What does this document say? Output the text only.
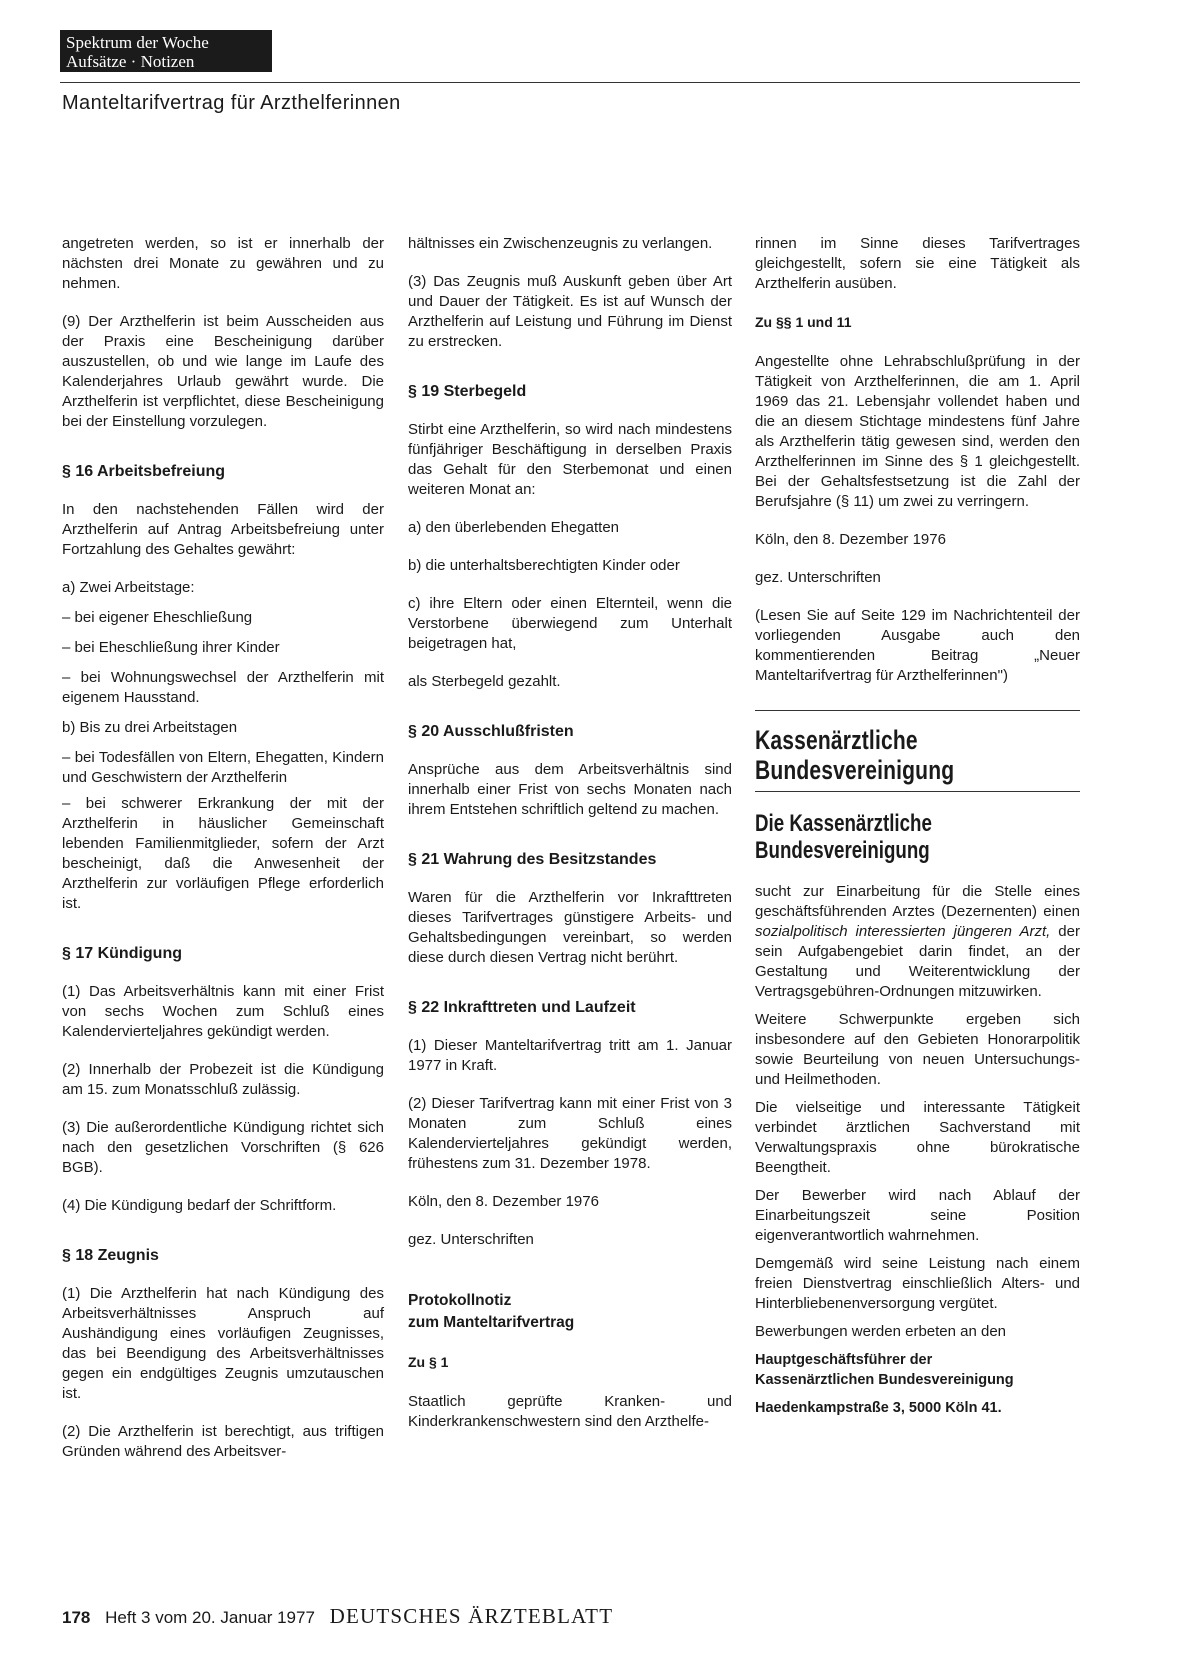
Spektrum der Woche
Aufsätze · Notizen
Manteltarifvertrag für Arzthelferinnen

angetreten werden, so ist er innerhalb der nächsten drei Monate zu gewähren und zu nehmen.

(9) Der Arzthelferin ist beim Ausscheiden aus der Praxis eine Bescheinigung darüber auszustellen, ob und wie lange im Laufe des Kalenderjahres Urlaub gewährt wurde. Die Arzthelferin ist verpflichtet, diese Bescheinigung bei der Einstellung vorzulegen.

§ 16 Arbeitsbefreiung

In den nachstehenden Fällen wird der Arzthelferin auf Antrag Arbeitsbefreiung unter Fortzahlung des Gehaltes gewährt:

a) Zwei Arbeitstage:

– bei eigener Eheschließung

– bei Eheschließung ihrer Kinder

– bei Wohnungswechsel der Arzthelferin mit eigenem Hausstand.

b) Bis zu drei Arbeitstagen

– bei Todesfällen von Eltern, Ehegatten, Kindern und Geschwistern der Arzthelferin

– bei schwerer Erkrankung der mit der Arzthelferin in häuslicher Gemeinschaft lebenden Familienmitglieder, sofern der Arzt bescheinigt, daß die Anwesenheit der Arzthelferin zur vorläufigen Pflege erforderlich ist.

§ 17 Kündigung

(1) Das Arbeitsverhältnis kann mit einer Frist von sechs Wochen zum Schluß eines Kalendervierteljahres gekündigt werden.

(2) Innerhalb der Probezeit ist die Kündigung am 15. zum Monatsschluß zulässig.

(3) Die außerordentliche Kündigung richtet sich nach den gesetzlichen Vorschriften (§ 626 BGB).

(4) Die Kündigung bedarf der Schriftform.

§ 18 Zeugnis

(1) Die Arzthelferin hat nach Kündigung des Arbeitsverhältnisses Anspruch auf Aushändigung eines vorläufigen Zeugnisses, das bei Beendigung des Arbeitsverhältnisses gegen ein endgültiges Zeugnis umzutauschen ist.

(2) Die Arzthelferin ist berechtigt, aus triftigen Gründen während des Arbeitsver-

hältnisses ein Zwischenzeugnis zu verlangen.

(3) Das Zeugnis muß Auskunft geben über Art und Dauer der Tätigkeit. Es ist auf Wunsch der Arzthelferin auf Leistung und Führung im Dienst zu erstrecken.

§ 19 Sterbegeld

Stirbt eine Arzthelferin, so wird nach mindestens fünfjähriger Beschäftigung in derselben Praxis das Gehalt für den Sterbemonat und einen weiteren Monat an:

a) den überlebenden Ehegatten

b) die unterhaltsberechtigten Kinder oder

c) ihre Eltern oder einen Elternteil, wenn die Verstorbene überwiegend zum Unterhalt beigetragen hat,

als Sterbegeld gezahlt.

§ 20 Ausschlußfristen

Ansprüche aus dem Arbeitsverhältnis sind innerhalb einer Frist von sechs Monaten nach ihrem Entstehen schriftlich geltend zu machen.

§ 21 Wahrung des Besitzstandes

Waren für die Arzthelferin vor Inkrafttreten dieses Tarifvertrages günstigere Arbeits- und Gehaltsbedingungen vereinbart, so werden diese durch diesen Vertrag nicht berührt.

§ 22 Inkrafttreten und Laufzeit

(1) Dieser Manteltarifvertrag tritt am 1. Januar 1977 in Kraft.

(2) Dieser Tarifvertrag kann mit einer Frist von 3 Monaten zum Schluß eines Kalendervierteljahres gekündigt werden, frühestens zum 31. Dezember 1978.

Köln, den 8. Dezember 1976

gez. Unterschriften

Protokollnotiz
zum Manteltarifvertrag
Zu § 1

Staatlich geprüfte Kranken- und Kinderkrankenschwestern sind den Arzthelfe-

rinnen im Sinne dieses Tarifvertrages gleichgestellt, sofern sie eine Tätigkeit als Arzthelferin ausüben.

Zu §§ 1 und 11

Angestellte ohne Lehrabschlußprüfung in der Tätigkeit von Arzthelferinnen, die am 1. April 1969 das 21. Lebensjahr vollendet haben und die an diesem Stichtage mindestens fünf Jahre als Arzthelferin tätig gewesen sind, werden den Arzthelferinnen im Sinne des § 1 gleichgestellt. Bei der Gehaltsfestsetzung ist die Zahl der Berufsjahre (§ 11) um zwei zu verringern.

Köln, den 8. Dezember 1976

gez. Unterschriften

(Lesen Sie auf Seite 129 im Nachrichtenteil der vorliegenden Ausgabe auch den kommentierenden Beitrag „Neuer Manteltarifvertrag für Arzthelferinnen")

Kassenärztliche
Bundesvereinigung
Die Kassenärztliche
Bundesvereinigung

sucht zur Einarbeitung für die Stelle eines geschäftsführenden Arztes (Dezernenten) einen sozialpolitisch interessierten jüngeren Arzt, der sein Aufgabengebiet darin findet, an der Gestaltung und Weiterentwicklung der Vertragsgebühren-Ordnungen mitzuwirken.

Weitere Schwerpunkte ergeben sich insbesondere auf den Gebieten Honorarpolitik sowie Beurteilung von neuen Untersuchungs- und Heilmethoden.

Die vielseitige und interessante Tätigkeit verbindet ärztlichen Sachverstand mit Verwaltungspraxis ohne bürokratische Beengtheit.

Der Bewerber wird nach Ablauf der Einarbeitungszeit seine Position eigenverantwortlich wahrnehmen.

Demgemäß wird seine Leistung nach einem freien Dienstvertrag einschließlich Alters- und Hinterbliebenenversorgung vergütet.

Bewerbungen werden erbeten an den

Hauptgeschäftsführer der
Kassenärztlichen Bundesvereinigung
Haedenkampstraße 3, 5000 Köln 41.
178 Heft 3 vom 20. Januar 1977 DEUTSCHES ÄRZTEBLATT
